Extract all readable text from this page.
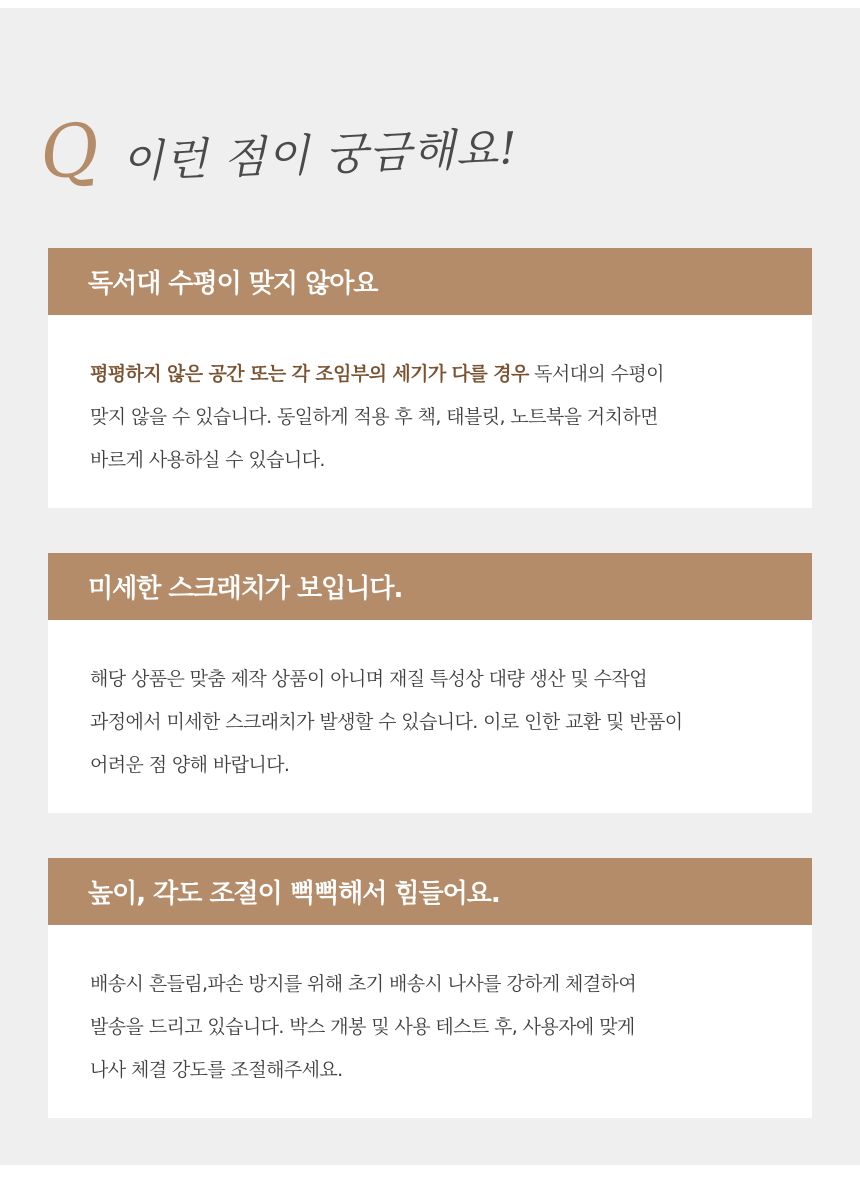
Q 이런 점이 궁금해요!
독서대 수평이 맞지 않아요

평평하지 않은 공간 또는 각 조임부의 세기가 다를 경우 독서대의 수평이

맞지 않을 수 있습니다. 동일하게 적용 후 책, 태블릿, 노트북을 거치하면

바르게 사용하실 수 있습니다.

미세한 스크래치가 보입니다.

해당 상품은 맞춤 제작 상품이 아니며 재질 특성상 대량 생산 및 수작업

과정에서 미세한 스크래치가 발생할 수 있습니다. 이로 인한 교환 및 반품이

어려운 점 양해 바랍니다.

높이, 각도 조절이 뻑뻑해서 힘들어요.

배송시 흔들림,파손 방지를 위해 초기 배송시 나사를 강하게 체결하여

발송을 드리고 있습니다. 박스 개봉 및 사용 테스트 후, 사용자에 맞게

나사 체결 강도를 조절해주세요.
